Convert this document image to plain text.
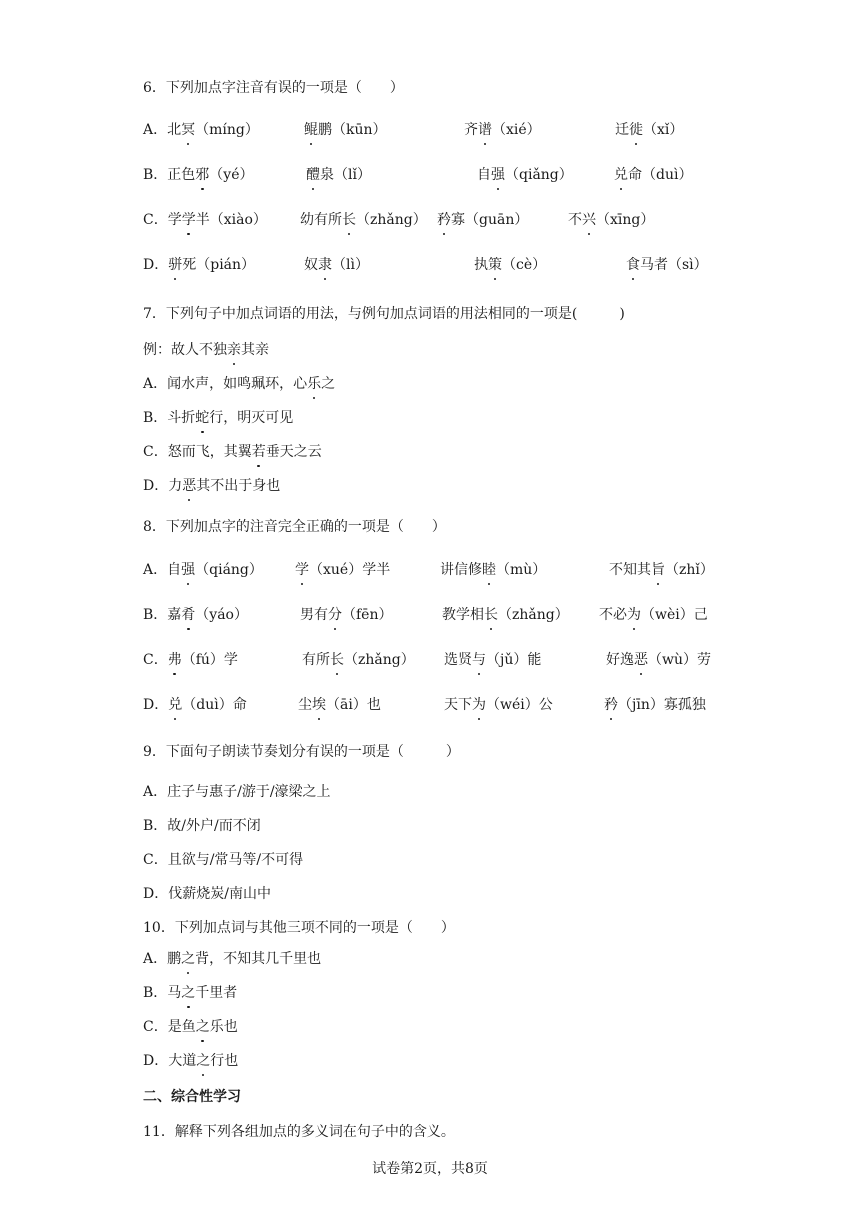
6．下列加点字注音有误的一项是（　　）
A．北冥（míng）	鲲鹏（kūn）	齐谱（xié）	迁徙（xǐ）
B．正色邪（yé）	醴泉（lǐ）	自强（qiǎng）	兑命（duì）
C．学学半（xiào） 幼有所长（zhǎng） 矜寡（guān）	不兴（xīng）
D．骈死（pián）	奴隶（lì）	执策（cè）	食马者（sì）
7．下列句子中加点词语的用法，与例句加点词语的用法相同的一项是(　　　)
例：故人不独亲其亲
A．闻水声，如鸣珮环，心乐之
B．斗折蛇行，明灭可见
C．怒而飞，其翼若垂天之云
D．力恶其不出于身也
8．下列加点字的注音完全正确的一项是（　　）
A．自强（qiáng） 学（xué）学半	讲信修睦（mù）	不知其旨（zhǐ）
B．嘉肴（yáo）	男有分（fēn）	教学相长（zhǎng） 不必为（wèi）己
C．弗（fú）学	有所长（zhǎng） 选贤与（jǔ）能	好逸恶（wù）劳
D．兑（duì）命	尘埃（āi）也	天下为（wéi）公	矜（jīn）寡孤独
9．下面句子朗读节奏划分有误的一项是（　　　）
A．庄子与惠子/游于/濠梁之上
B．故/外户/而不闭
C．且欲与/常马等/不可得
D．伐薪烧炭/南山中
10．下列加点词与其他三项不同的一项是（　　）
A．鹏之背，不知其几千里也
B．马之千里者
C．是鱼之乐也
D．大道之行也
二、综合性学习
11．解释下列各组加点的多义词在句子中的含义。
试卷第2页，共8页
